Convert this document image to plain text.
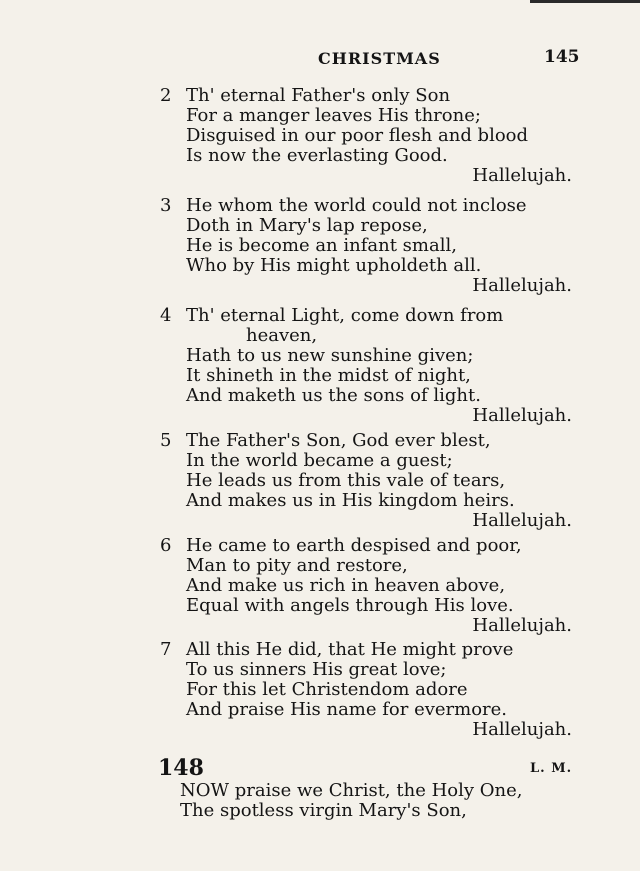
CHRISTMAS	145
2 Th' eternal Father's only Son
For a manger leaves His throne;
Disguised in our poor flesh and blood
Is now the everlasting Good.
Hallelujah.
3 He whom the world could not inclose
Doth in Mary's lap repose,
He is become an infant small,
Who by His might upholdeth all.
Hallelujah.
4 Th' eternal Light, come down from
heaven,
Hath to us new sunshine given;
It shineth in the midst of night,
And maketh us the sons of light.
Hallelujah.
5 The Father's Son, God ever blest,
In the world became a guest;
He leads us from this vale of tears,
And makes us in His kingdom heirs.
Hallelujah.
6 He came to earth despised and poor,
Man to pity and restore,
And make us rich in heaven above,
Equal with angels through His love.
Hallelujah.
7 All this He did, that He might prove
To us sinners His great love;
For this let Christendom adore
And praise His name for evermore.
Hallelujah.
148	L. M.
NOW praise we Christ, the Holy One,
The spotless virgin Mary's Son,
